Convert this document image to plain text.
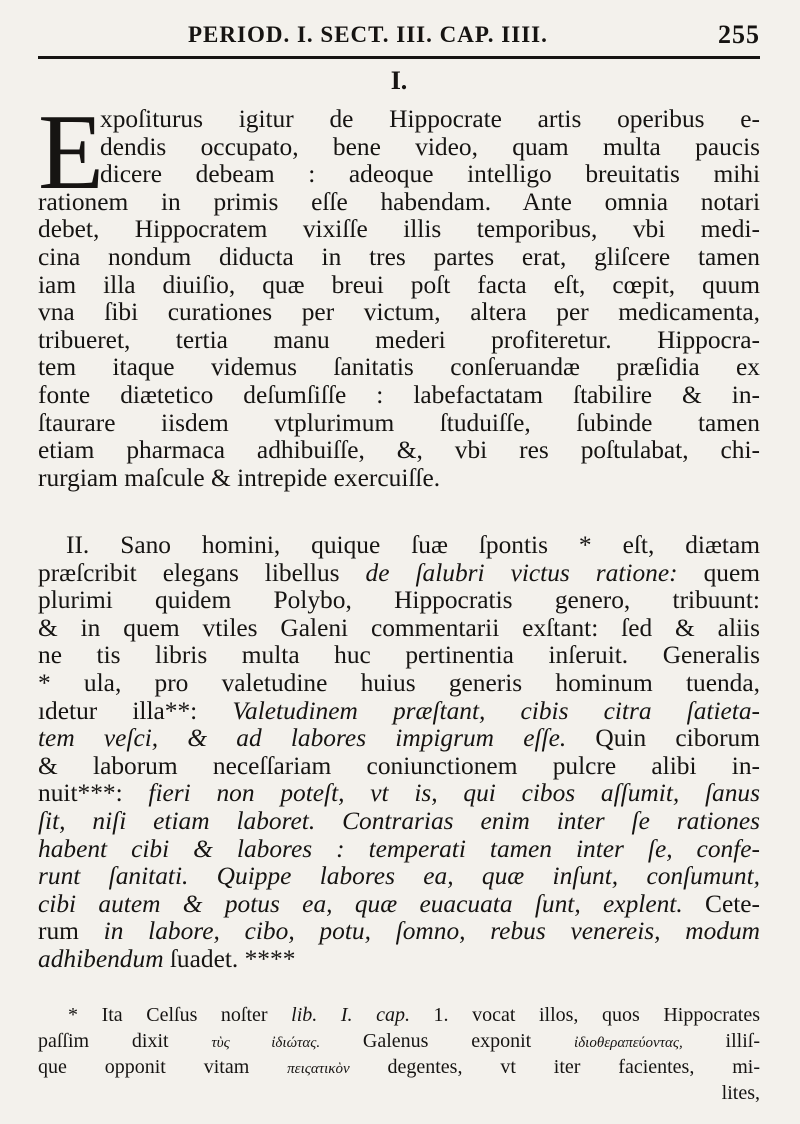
PERIOD. I. SECT. III. CAP. IIII.	255
I.
E
xpoſiturus igitur de Hippocrate artis operibus e-
dendis occupato, bene video, quam multa paucis
dicere debeam : adeoque intelligo breuitatis mihi
rationem in primis eſſe habendam. Ante omnia notari
debet, Hippocratem vixiſſe illis temporibus, vbi medi-
cina nondum diducta in tres partes erat, gliſcere tamen
iam illa diuiſio, quæ breui poſt facta eſt, cœpit, quum
vna ſibi curationes per victum, altera per medicamenta,
tribueret, tertia manu mederi profiteretur. Hippocra-
tem itaque videmus ſanitatis conſeruandæ præſidia ex
fonte diætetico deſumſiſſe : labefactatam ſtabilire & in-
ſtaurare iisdem vtplurimum ſtuduiſſe, ſubinde tamen
etiam pharmaca adhibuiſſe, &, vbi res poſtulabat, chi-
rurgiam maſcule & intrepide exercuiſſe.
II. Sano homini, quique ſuæ ſpontis * eſt, diætam
præſcribit elegans libellus de ſalubri victus ratione: quem
plurimi quidem Polybo, Hippocratis genero, tribuunt:
& in quem vtiles Galeni commentarii exſtant: ſed & aliis
ne tis libris multa huc pertinentia inſeruit. Generalis
* ula, pro valetudine huius generis hominum tuenda,
ıdetur illa**: Valetudinem præſtant, cibis citra ſatieta-
tem veſci, & ad labores impigrum eſſe. Quin ciborum
& laborum neceſſariam coniunctionem pulcre alibi in-
nuit***: fieri non poteſt, vt is, qui cibos aſſumit, ſanus
ſit, niſi etiam laboret. Contrarias enim inter ſe rationes
habent cibi & labores : temperati tamen inter ſe, confe-
runt ſanitati. Quippe labores ea, quæ inſunt, conſumunt,
cibi autem & potus ea, quæ euacuata ſunt, explent. Cete-
rum in labore, cibo, potu, ſomno, rebus venereis, modum
adhibendum ſuadet. ****
* Ita Celſus noſter lib. I. cap. 1. vocat illos, quos Hippocrates
paſſim dixit τὺς ἰδιώτας. Galenus exponit ἰδιοθεραπεύοντας, illiſ-
que opponit vitam πειςατικὸν degentes, vt iter facientes, mi-
lites,
